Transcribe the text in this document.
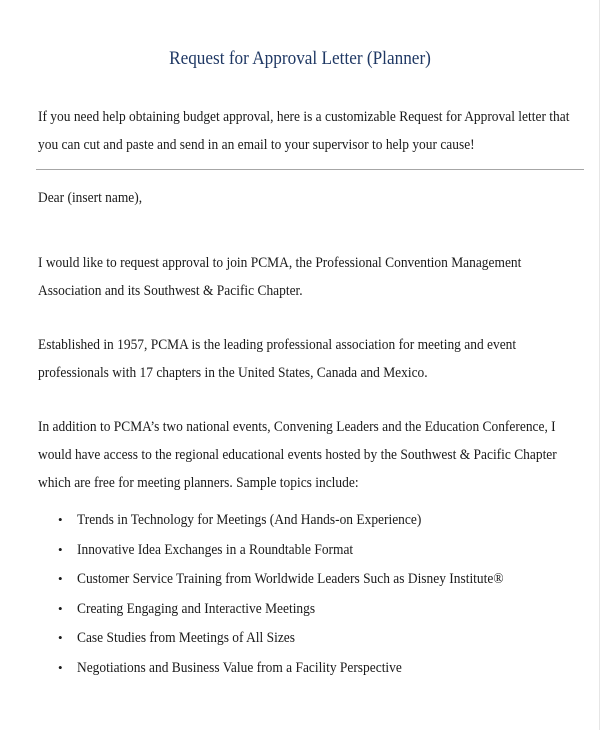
Request for Approval Letter (Planner)

If you need help obtaining budget approval, here is a customizable Request for Approval letter that
you can cut and paste and send in an email to your supervisor to help your cause!

Dear (insert name),

I would like to request approval to join PCMA, the Professional Convention Management
Association and its Southwest & Pacific Chapter.

Established in 1957, PCMA is the leading professional association for meeting and event
professionals with 17 chapters in the United States, Canada and Mexico.

In addition to PCMA’s two national events, Convening Leaders and the Education Conference, I
would have access to the regional educational events hosted by the Southwest & Pacific Chapter
which are free for meeting planners. Sample topics include:

• Trends in Technology for Meetings (And Hands-on Experience)
• Innovative Idea Exchanges in a Roundtable Format
• Customer Service Training from Worldwide Leaders Such as Disney Institute®
• Creating Engaging and Interactive Meetings
• Case Studies from Meetings of All Sizes
• Negotiations and Business Value from a Facility Perspective
